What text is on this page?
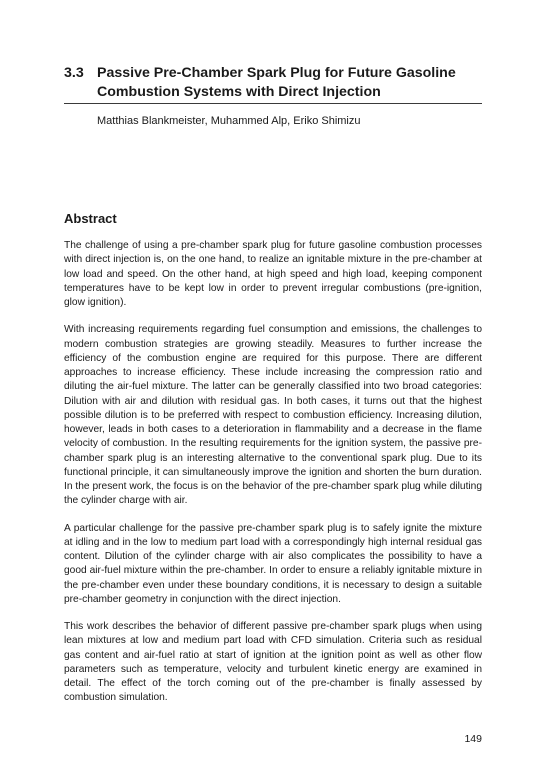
3.3 Passive Pre-Chamber Spark Plug for Future Gasoline Combustion Systems with Direct Injection
Matthias Blankmeister, Muhammed Alp, Eriko Shimizu
Abstract

The challenge of using a pre-chamber spark plug for future gasoline combustion processes with direct injection is, on the one hand, to realize an ignitable mixture in the pre-chamber at low load and speed. On the other hand, at high speed and high load, keeping component temperatures have to be kept low in order to prevent irregular combustions (pre-ignition, glow ignition).

With increasing requirements regarding fuel consumption and emissions, the challenges to modern combustion strategies are growing steadily. Measures to further increase the efficiency of the combustion engine are required for this purpose. There are different approaches to increase efficiency. These include increasing the compression ratio and diluting the air-fuel mixture. The latter can be generally classified into two broad categories: Dilution with air and dilution with residual gas. In both cases, it turns out that the highest possible dilution is to be preferred with respect to combustion efficiency. Increasing dilution, however, leads in both cases to a deterioration in flammability and a decrease in the flame velocity of combustion. In the resulting requirements for the ignition system, the passive pre-chamber spark plug is an interesting alternative to the conventional spark plug. Due to its functional principle, it can simultaneously improve the ignition and shorten the burn duration. In the present work, the focus is on the behavior of the pre-chamber spark plug while diluting the cylinder charge with air.

A particular challenge for the passive pre-chamber spark plug is to safely ignite the mixture at idling and in the low to medium part load with a correspondingly high internal residual gas content. Dilution of the cylinder charge with air also complicates the possibility to have a good air-fuel mixture within the pre-chamber. In order to ensure a reliably ignitable mixture in the pre-chamber even under these boundary conditions, it is necessary to design a suitable pre-chamber geometry in conjunction with the direct injection.

This work describes the behavior of different passive pre-chamber spark plugs when using lean mixtures at low and medium part load with CFD simulation. Criteria such as residual gas content and air-fuel ratio at start of ignition at the ignition point as well as other flow parameters such as temperature, velocity and turbulent kinetic energy are examined in detail. The effect of the torch coming out of the pre-chamber is finally assessed by combustion simulation.

149
